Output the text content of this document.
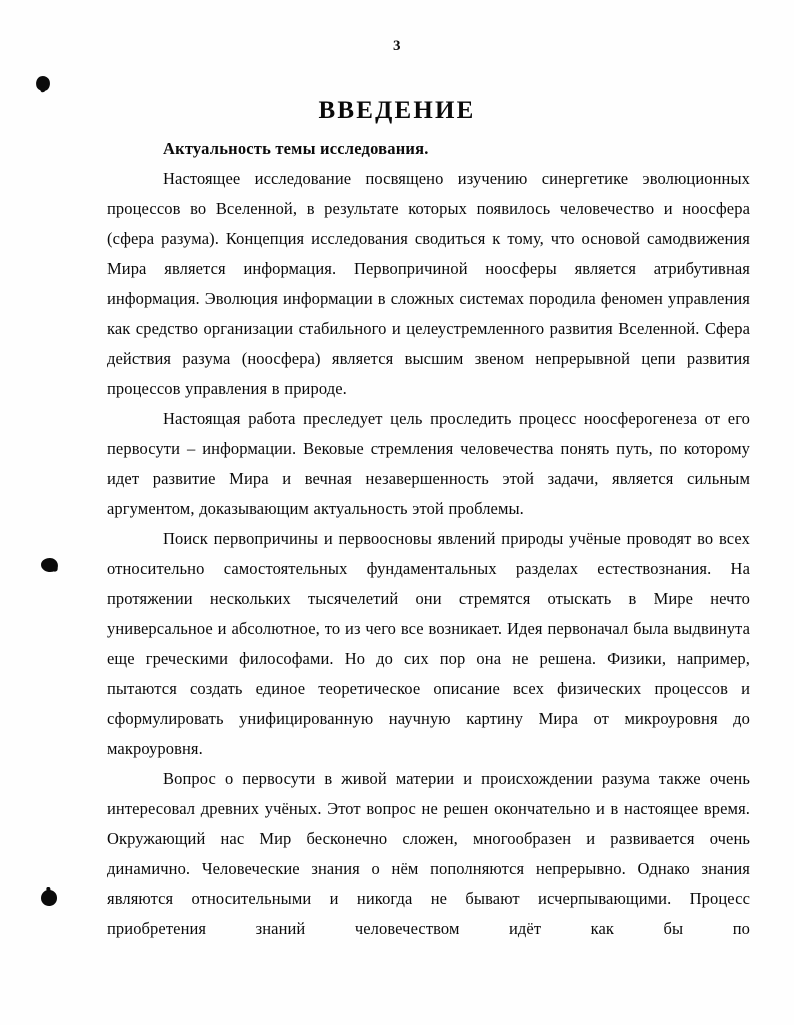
3
ВВЕДЕНИЕ

Актуальность темы исследования.

Настоящее исследование посвящено изучению синергетике эволюционных процессов во Вселенной, в результате которых появилось человечество и ноосфера (сфера разума). Концепция исследования сводиться к тому, что основой самодвижения Мира является информация. Первопричиной ноосферы является атрибутивная информация. Эволюция информации в сложных системах породила феномен управления как средство организации стабильного и целеустремленного развития Вселенной. Сфера действия разума (ноосфера) является высшим звеном непрерывной цепи развития процессов управления в природе.

Настоящая работа преследует цель проследить процесс ноосферогенеза от его первосути – информации. Вековые стремления человечества понять путь, по которому идет развитие Мира и вечная незавершенность этой задачи, является сильным аргументом, доказывающим актуальность этой проблемы.

Поиск первопричины и первоосновы явлений природы учёные проводят во всех относительно самостоятельных фундаментальных разделах естествознания. На протяжении нескольких тысячелетий они стремятся отыскать в Мире нечто универсальное и абсолютное, то из чего все возникает. Идея первоначал была выдвинута еще греческими философами. Но до сих пор она не решена. Физики, например, пытаются создать единое теоретическое описание всех физических процессов и сформулировать унифицированную научную картину Мира от микроуровня до макроуровня.

Вопрос о первосути в живой материи и происхождении разума также очень интересовал древних учёных. Этот вопрос не решен окончательно и в настоящее время. Окружающий нас Мир бесконечно сложен, многообразен и развивается очень динамично. Человеческие знания о нём пополняются непрерывно. Однако знания являются относительными и никогда не бывают исчерпывающими. Процесс приобретения знаний человечеством идёт как бы по
